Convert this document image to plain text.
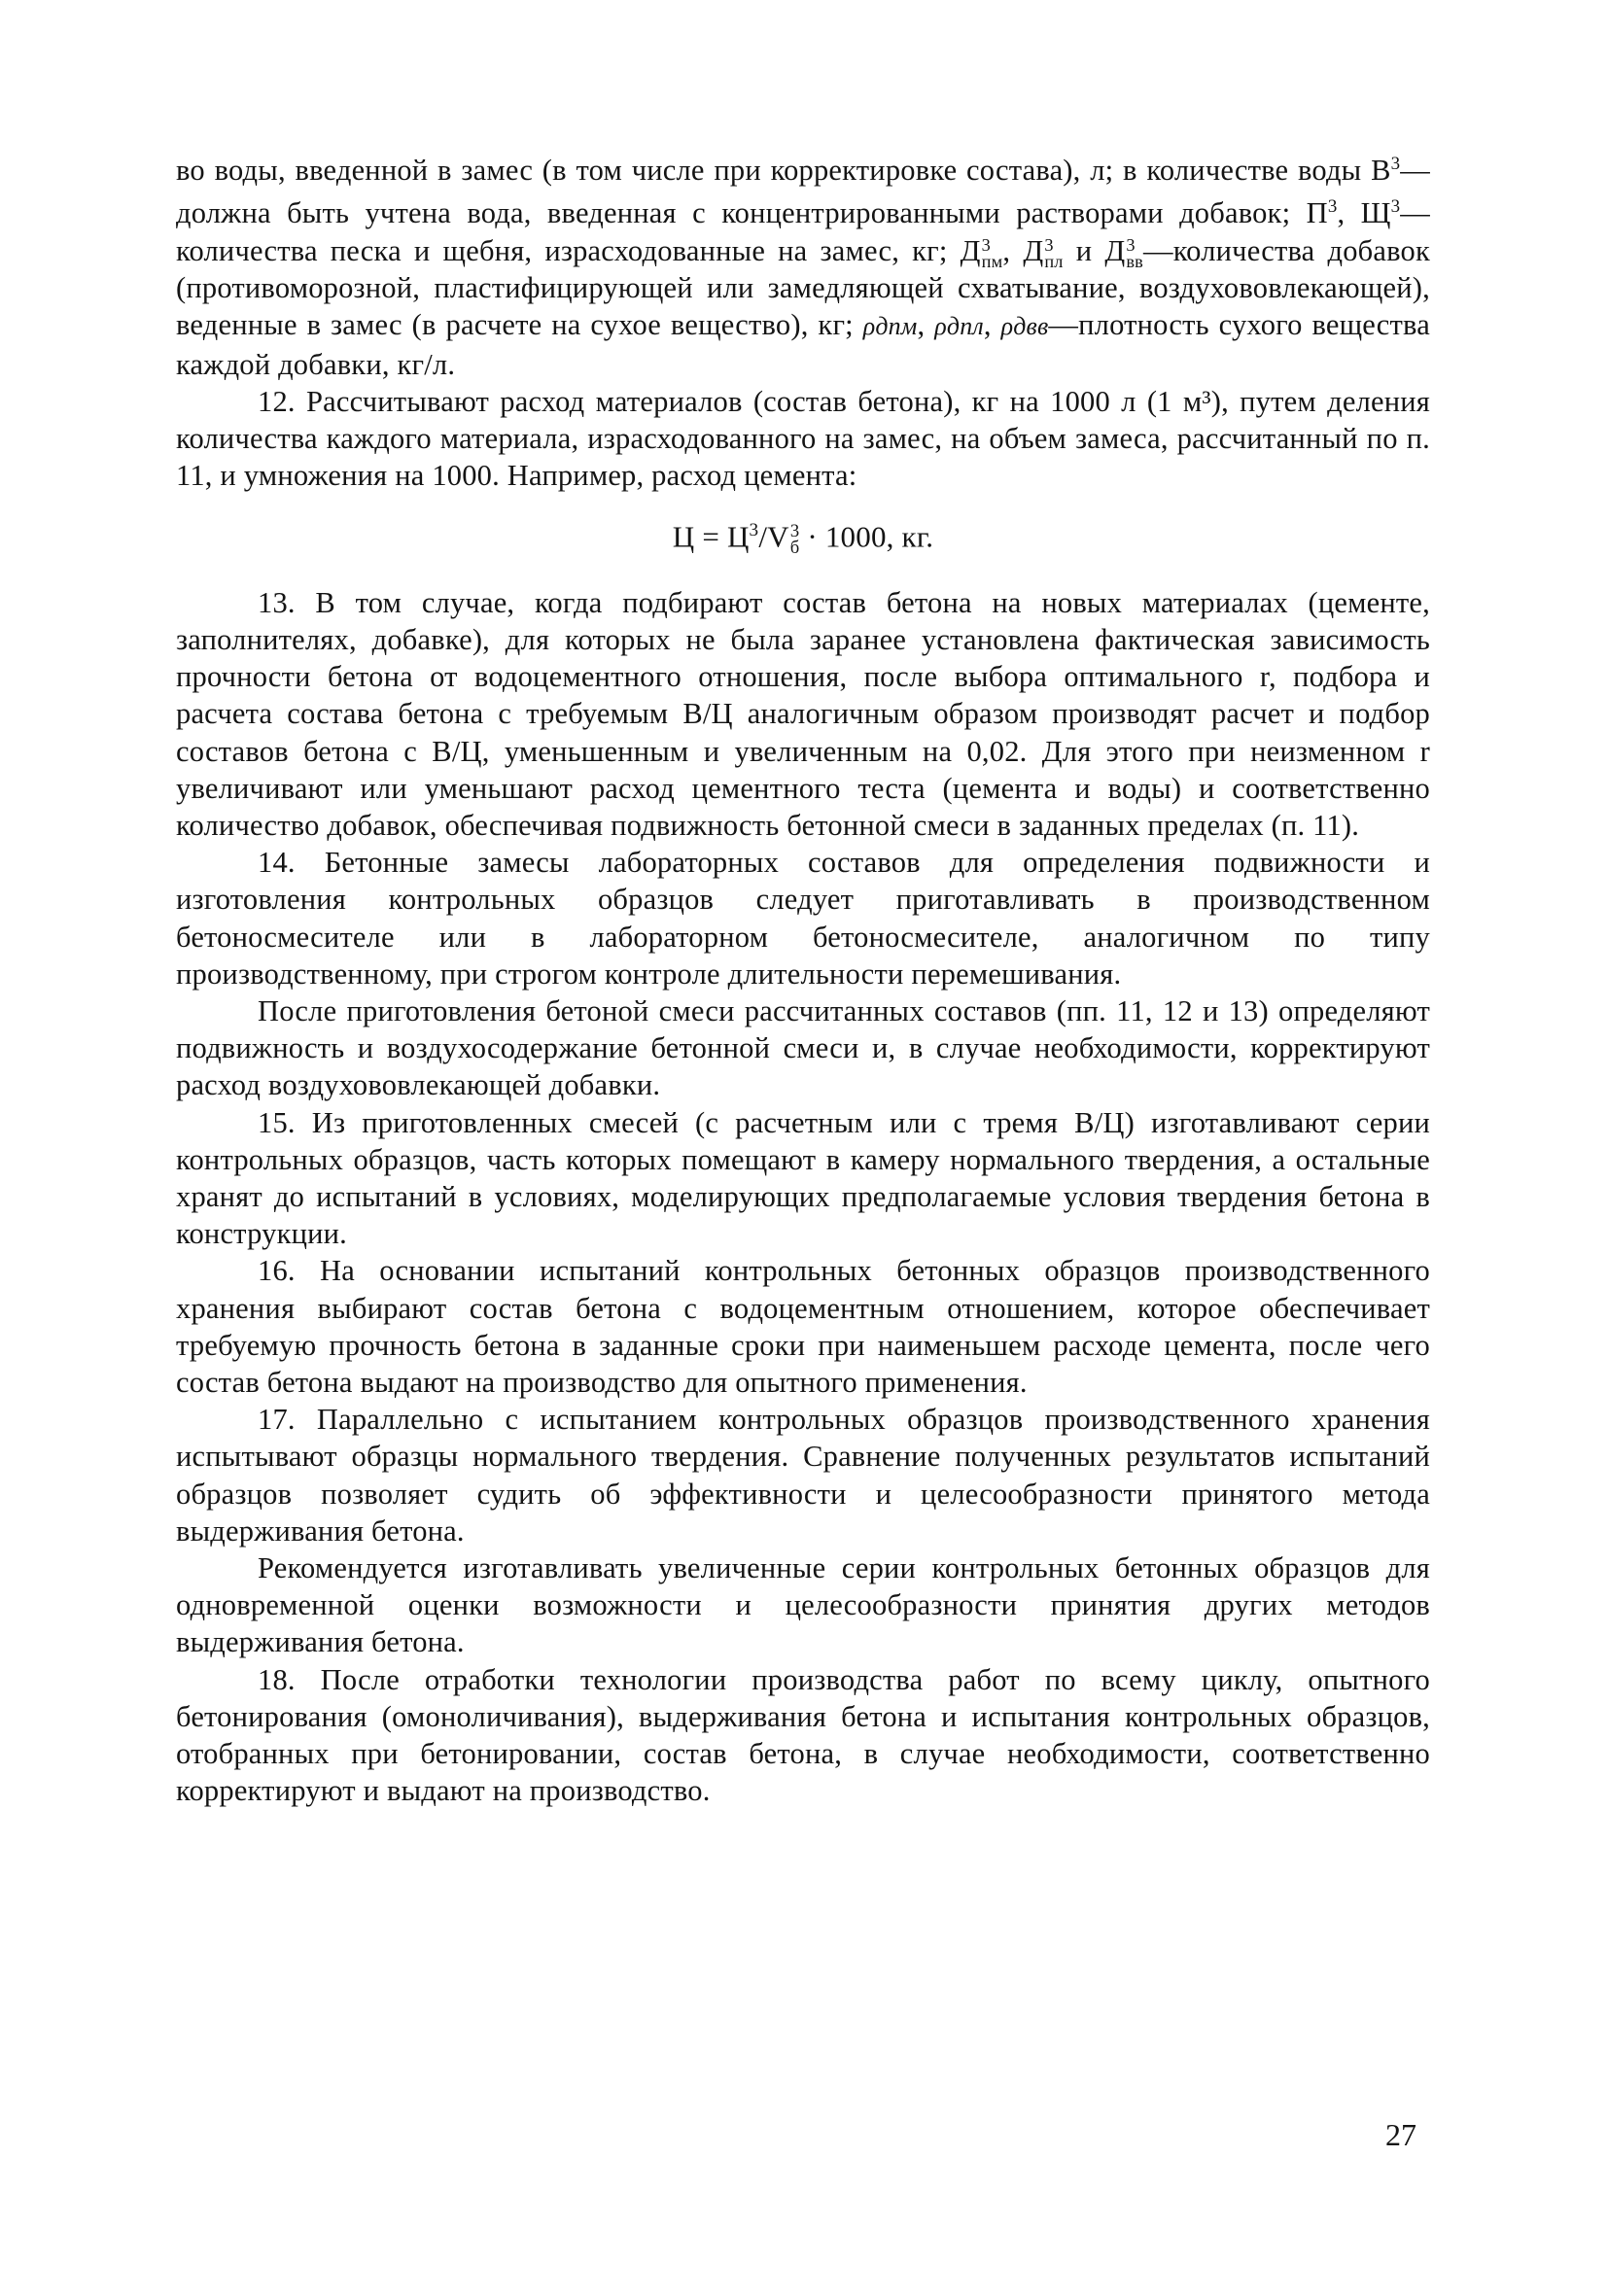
во воды, введенной в замес (в том числе при корректировке состава), л; в количестве воды $В^3—должна$ быть учтена вода, введенная с концентрированными растворами добавок; $П^3$, $Щ^3—количества$ песка и щебня, израсходованные на замес, кг; Д 3
пм , Д 3
пл и Д 3
вв —количества добавок (противоморозной, пластифицирующей или замедляющей схватывание, воздухововлекающей), веденные в замес (в расчете на сухое вещество), кг; ρдпм, ρдпл, ρдвв—плотность сухого вещества каждой добавки, кг/л.

12. Рассчитывают расход материалов (состав бетона), кг на 1000 л (1 м³), путем деления количества каждого материала, израсходованного на замес, на объем замеса, рассчитанный по п. 11, и умножения на 1000. Например, расход цемента:

$Ц = Ц^3/V$ 3
б · 1000, кг.

13. В том случае, когда подбирают состав бетона на новых материалах (цементе, заполнителях, добавке), для которых не была заранее установлена фактическая зависимость прочности бетона от водоцементного отношения, после выбора оптимального r, подбора и расчета состава бетона с требуемым В/Ц аналогичным образом производят расчет и подбор составов бетона с В/Ц, уменьшенным и увеличенным на 0,02. Для этого при неизменном r увеличивают или уменьшают расход цементного теста (цемента и воды) и соответственно количество добавок, обеспечивая подвижность бетонной смеси в заданных пределах (п. 11).

14. Бетонные замесы лабораторных составов для определения подвижности и изготовления контрольных образцов следует приготавливать в производственном бетоносмесителе или в лабораторном бетоносмесителе, аналогичном по типу производственному, при строгом контроле длительности перемешивания.

После приготовления бетоной смеси рассчитанных составов (пп. 11, 12 и 13) определяют подвижность и воздухосодержание бетонной смеси и, в случае необходимости, корректируют расход воздухововлекающей добавки.

15. Из приготовленных смесей (с расчетным или с тремя В/Ц) изготавливают серии контрольных образцов, часть которых помещают в камеру нормального твердения, а остальные хранят до испытаний в условиях, моделирующих предполагаемые условия твердения бетона в конструкции.

16. На основании испытаний контрольных бетонных образцов производственного хранения выбирают состав бетона с водоцементным отношением, которое обеспечивает требуемую прочность бетона в заданные сроки при наименьшем расходе цемента, после чего состав бетона выдают на производство для опытного применения.

17. Параллельно с испытанием контрольных образцов производственного хранения испытывают образцы нормального твердения. Сравнение полученных результатов испытаний образцов позволяет судить об эффективности и целесообразности принятого метода выдерживания бетона.

Рекомендуется изготавливать увеличенные серии контрольных бетонных образцов для одновременной оценки возможности и целесообразности принятия других методов выдерживания бетона.

18. После отработки технологии производства работ по всему циклу, опытного бетонирования (омоноличивания), выдерживания бетона и испытания контрольных образцов, отобранных при бетонировании, состав бетона, в случае необходимости, соответственно корректируют и выдают на производство.

27
